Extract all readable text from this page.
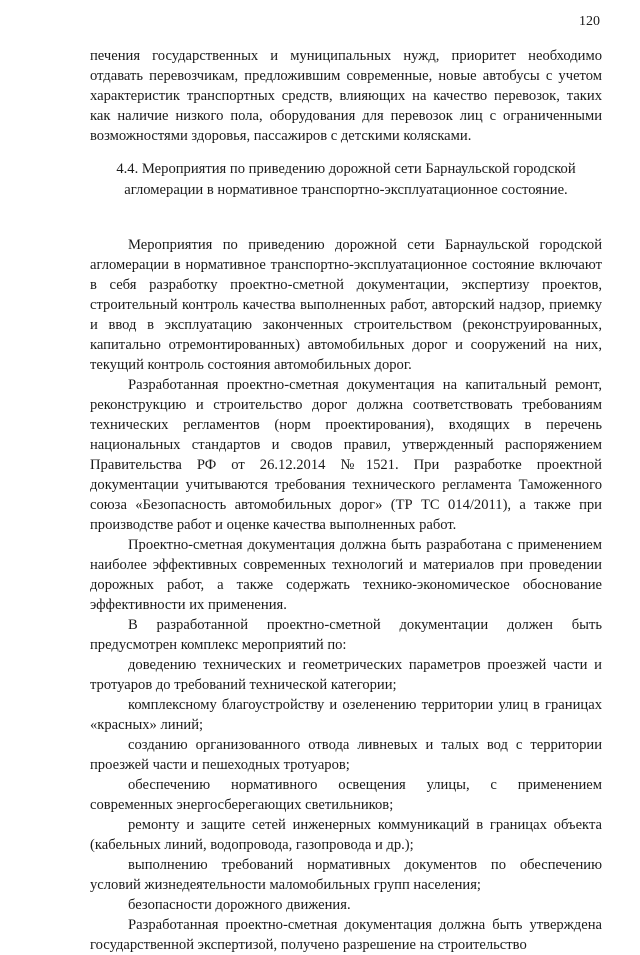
120

печения государственных и муниципальных нужд, приоритет необходимо отдавать перевозчикам, предложившим современные, новые автобусы с учетом характеристик транспортных средств, влияющих на качество перевозок, таких как наличие низкого пола, оборудования для перевозок лиц с ограниченными возможностями здоровья, пассажиров с детскими колясками.

4.4. Мероприятия по приведению дорожной сети Барнаульской городской агломерации в нормативное транспортно-эксплуатационное состояние.

Мероприятия по приведению дорожной сети Барнаульской городской агломерации в нормативное транспортно-эксплуатационное состояние включают в себя разработку проектно-сметной документации, экспертизу проектов, строительный контроль качества выполненных работ, авторский надзор, приемку и ввод в эксплуатацию законченных строительством (реконструированных, капитально отремонтированных) автомобильных дорог и сооружений на них, текущий контроль состояния автомобильных дорог.

Разработанная проектно-сметная документация на капитальный ремонт, реконструкцию и строительство дорог должна соответствовать требованиям технических регламентов (норм проектирования), входящих в перечень национальных стандартов и сводов правил, утвержденный распоряжением Правительства РФ от 26.12.2014 №1521. При разработке проектной документации учитываются требования технического регламента Таможенного союза «Безопасность автомобильных дорог» (ТР ТС 014/2011), а также при производстве работ и оценке качества выполненных работ.

Проектно-сметная документация должна быть разработана с применением наиболее эффективных современных технологий и материалов при проведении дорожных работ, а также содержать технико-экономическое обоснование эффективности их применения.

В разработанной проектно-сметной документации должен быть предусмотрен комплекс мероприятий по:

доведению технических и геометрических параметров проезжей части и тротуаров до требований технической категории;

комплексному благоустройству и озеленению территории улиц в границах «красных» линий;

созданию организованного отвода ливневых и талых вод с территории проезжей части и пешеходных тротуаров;

обеспечению нормативного освещения улицы, с применением современных энергосберегающих светильников;

ремонту и защите сетей инженерных коммуникаций в границах объекта (кабельных линий, водопровода, газопровода и др.);

выполнению требований нормативных документов по обеспечению условий жизнедеятельности маломобильных групп населения;

безопасности дорожного движения.

Разработанная проектно-сметная документация должна быть утверждена государственной экспертизой, получено разрешение на строительство
